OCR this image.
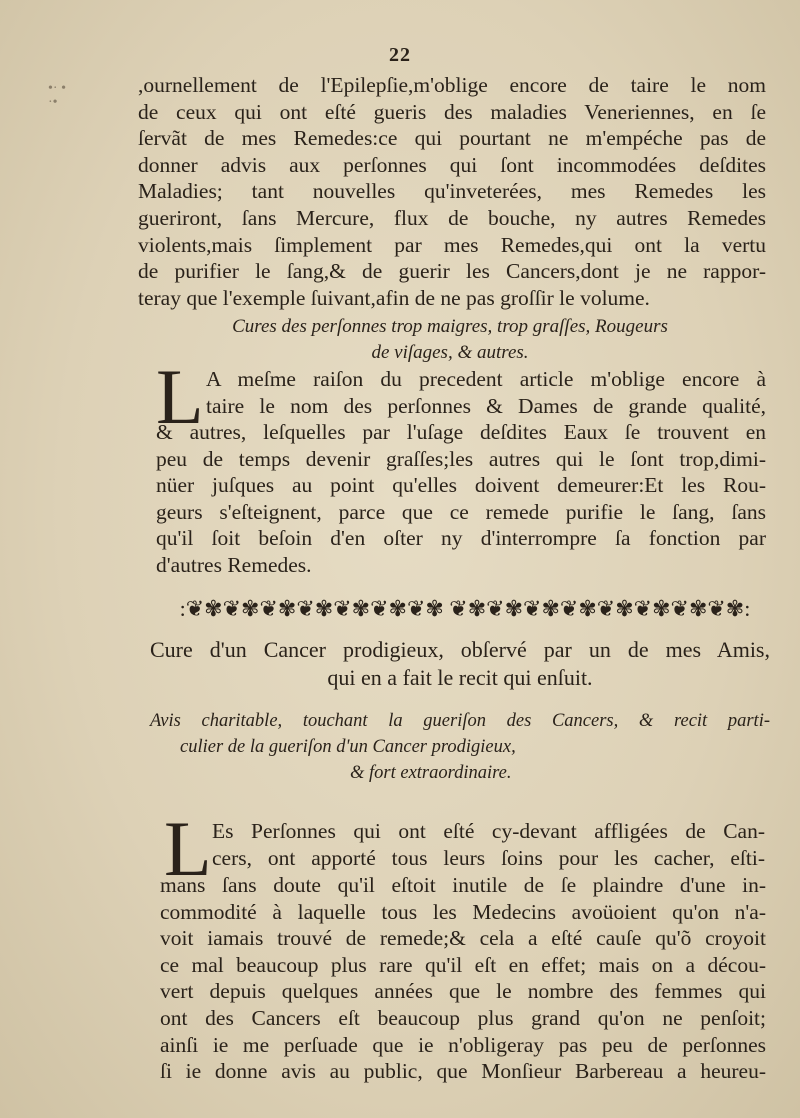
•· •
·•
22
,ournellement de l'Epilepſie,m'oblige encore de taire le nom
de ceux qui ont eſté gueris des maladies Veneriennes, en ſe
ſervãt de mes Remedes:ce qui pourtant ne m'empéche pas de
donner advis aux perſonnes qui ſont incommodées deſdites
Maladies; tant nouvelles qu'inveterées, mes Remedes les
gueriront, ſans Mercure, flux de bouche, ny autres Remedes
violents,mais ſimplement par mes Remedes,qui ont la vertu
de purifier le ſang,& de guerir les Cancers,dont je ne rappor-
teray que l'exemple ſuivant,afin de ne pas groſſir le volume.
Cures des perſonnes trop maigres, trop graſſes, Rougeurs
de viſages, & autres.
L A meſme raiſon du precedent article m'oblige encore à
taire le nom des perſonnes & Dames de grande qualité,
& autres, leſquelles par l'uſage deſdites Eaux ſe trouvent en
peu de temps devenir graſſes;les autres qui le ſont trop,dimi-
nüer juſques au point qu'elles doivent demeurer:Et les Rou-
geurs s'eſteignent, parce que ce remede purifie le ſang, ſans
qu'il ſoit beſoin d'en oſter ny d'interrompre ſa fonction par
d'autres Remedes.
:❦✾❦✾❦✾❦✾❦✾❦✾❦✾ ❦✾❦✾❦✾❦✾❦✾❦✾❦✾❦✾:
Cure d'un Cancer prodigieux, obſervé par un de mes Amis,
qui en a fait le recit qui enſuit.
Avis charitable, touchant la gueriſon des Cancers, & recit parti-
culier de la gueriſon d'un Cancer prodigieux,
& fort extraordinaire.
L Es Perſonnes qui ont eſté cy-devant affligées de Can-
cers, ont apporté tous leurs ſoins pour les cacher, eſti-
mans ſans doute qu'il eſtoit inutile de ſe plaindre d'une in-
commodité à laquelle tous les Medecins avoüoient qu'on n'a-
voit iamais trouvé de remede;& cela a eſté cauſe qu'õ croyoit
ce mal beaucoup plus rare qu'il eſt en effet; mais on a décou-
vert depuis quelques années que le nombre des femmes qui
ont des Cancers eſt beaucoup plus grand qu'on ne penſoit;
ainſi ie me perſuade que ie n'obligeray pas peu de perſonnes
ſi ie donne avis au public, que Monſieur Barbereau a heureu-
